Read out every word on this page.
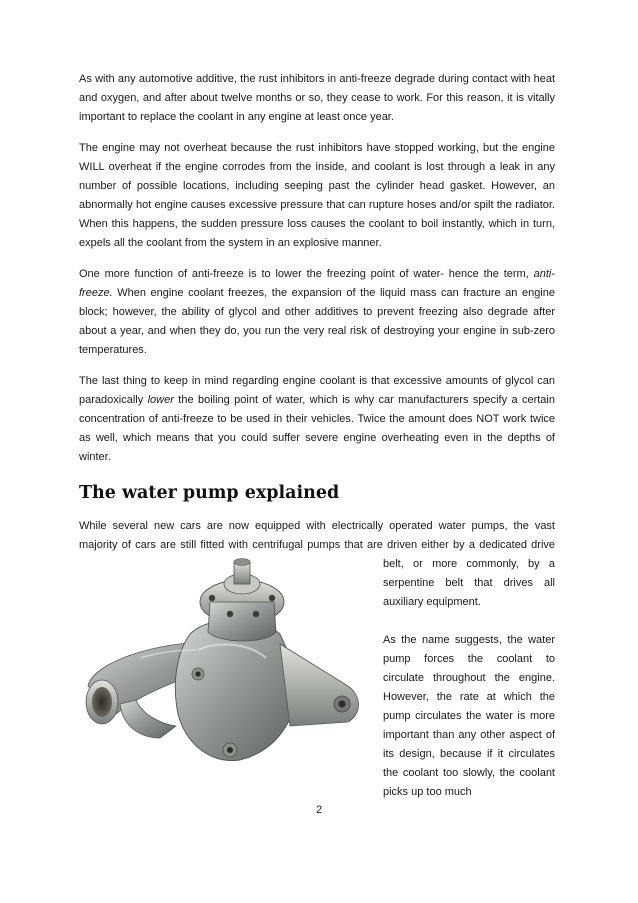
As with any automotive additive, the rust inhibitors in anti-freeze degrade during contact with heat and oxygen, and after about twelve months or so, they cease to work. For this reason, it is vitally important to replace the coolant in any engine at least once year.

The engine may not overheat because the rust inhibitors have stopped working, but the engine WILL overheat if the engine corrodes from the inside, and coolant is lost through a leak in any number of possible locations, including seeping past the cylinder head gasket. However, an abnormally hot engine causes excessive pressure that can rupture hoses and/or spilt the radiator. When this happens, the sudden pressure loss causes the coolant to boil instantly, which in turn, expels all the coolant from the system in an explosive manner.

One more function of anti-freeze is to lower the freezing point of water- hence the term, anti-freeze. When engine coolant freezes, the expansion of the liquid mass can fracture an engine block; however, the ability of glycol and other additives to prevent freezing also degrade after about a year, and when they do, you run the very real risk of destroying your engine in sub-zero temperatures.

The last thing to keep in mind regarding engine coolant is that excessive amounts of glycol can paradoxically lower the boiling point of water, which is why car manufacturers specify a certain concentration of anti-freeze to be used in their vehicles. Twice the amount does NOT work twice as well, which means that you could suffer severe engine overheating even in the depths of winter.

The water pump explained
While several new cars are now equipped with electrically operated water pumps, the vast
majority of cars are still fitted with centrifugal pumps that are driven either by a dedicated drive
belt, or more commonly, by a serpentine belt that drives all auxiliary equipment.
As the name suggests, the water pump forces the coolant to circulate throughout the engine. However, the rate at which the pump circulates the water is more important than any other aspect of its design, because if it circulates the coolant too slowly, the coolant picks up too much
2
